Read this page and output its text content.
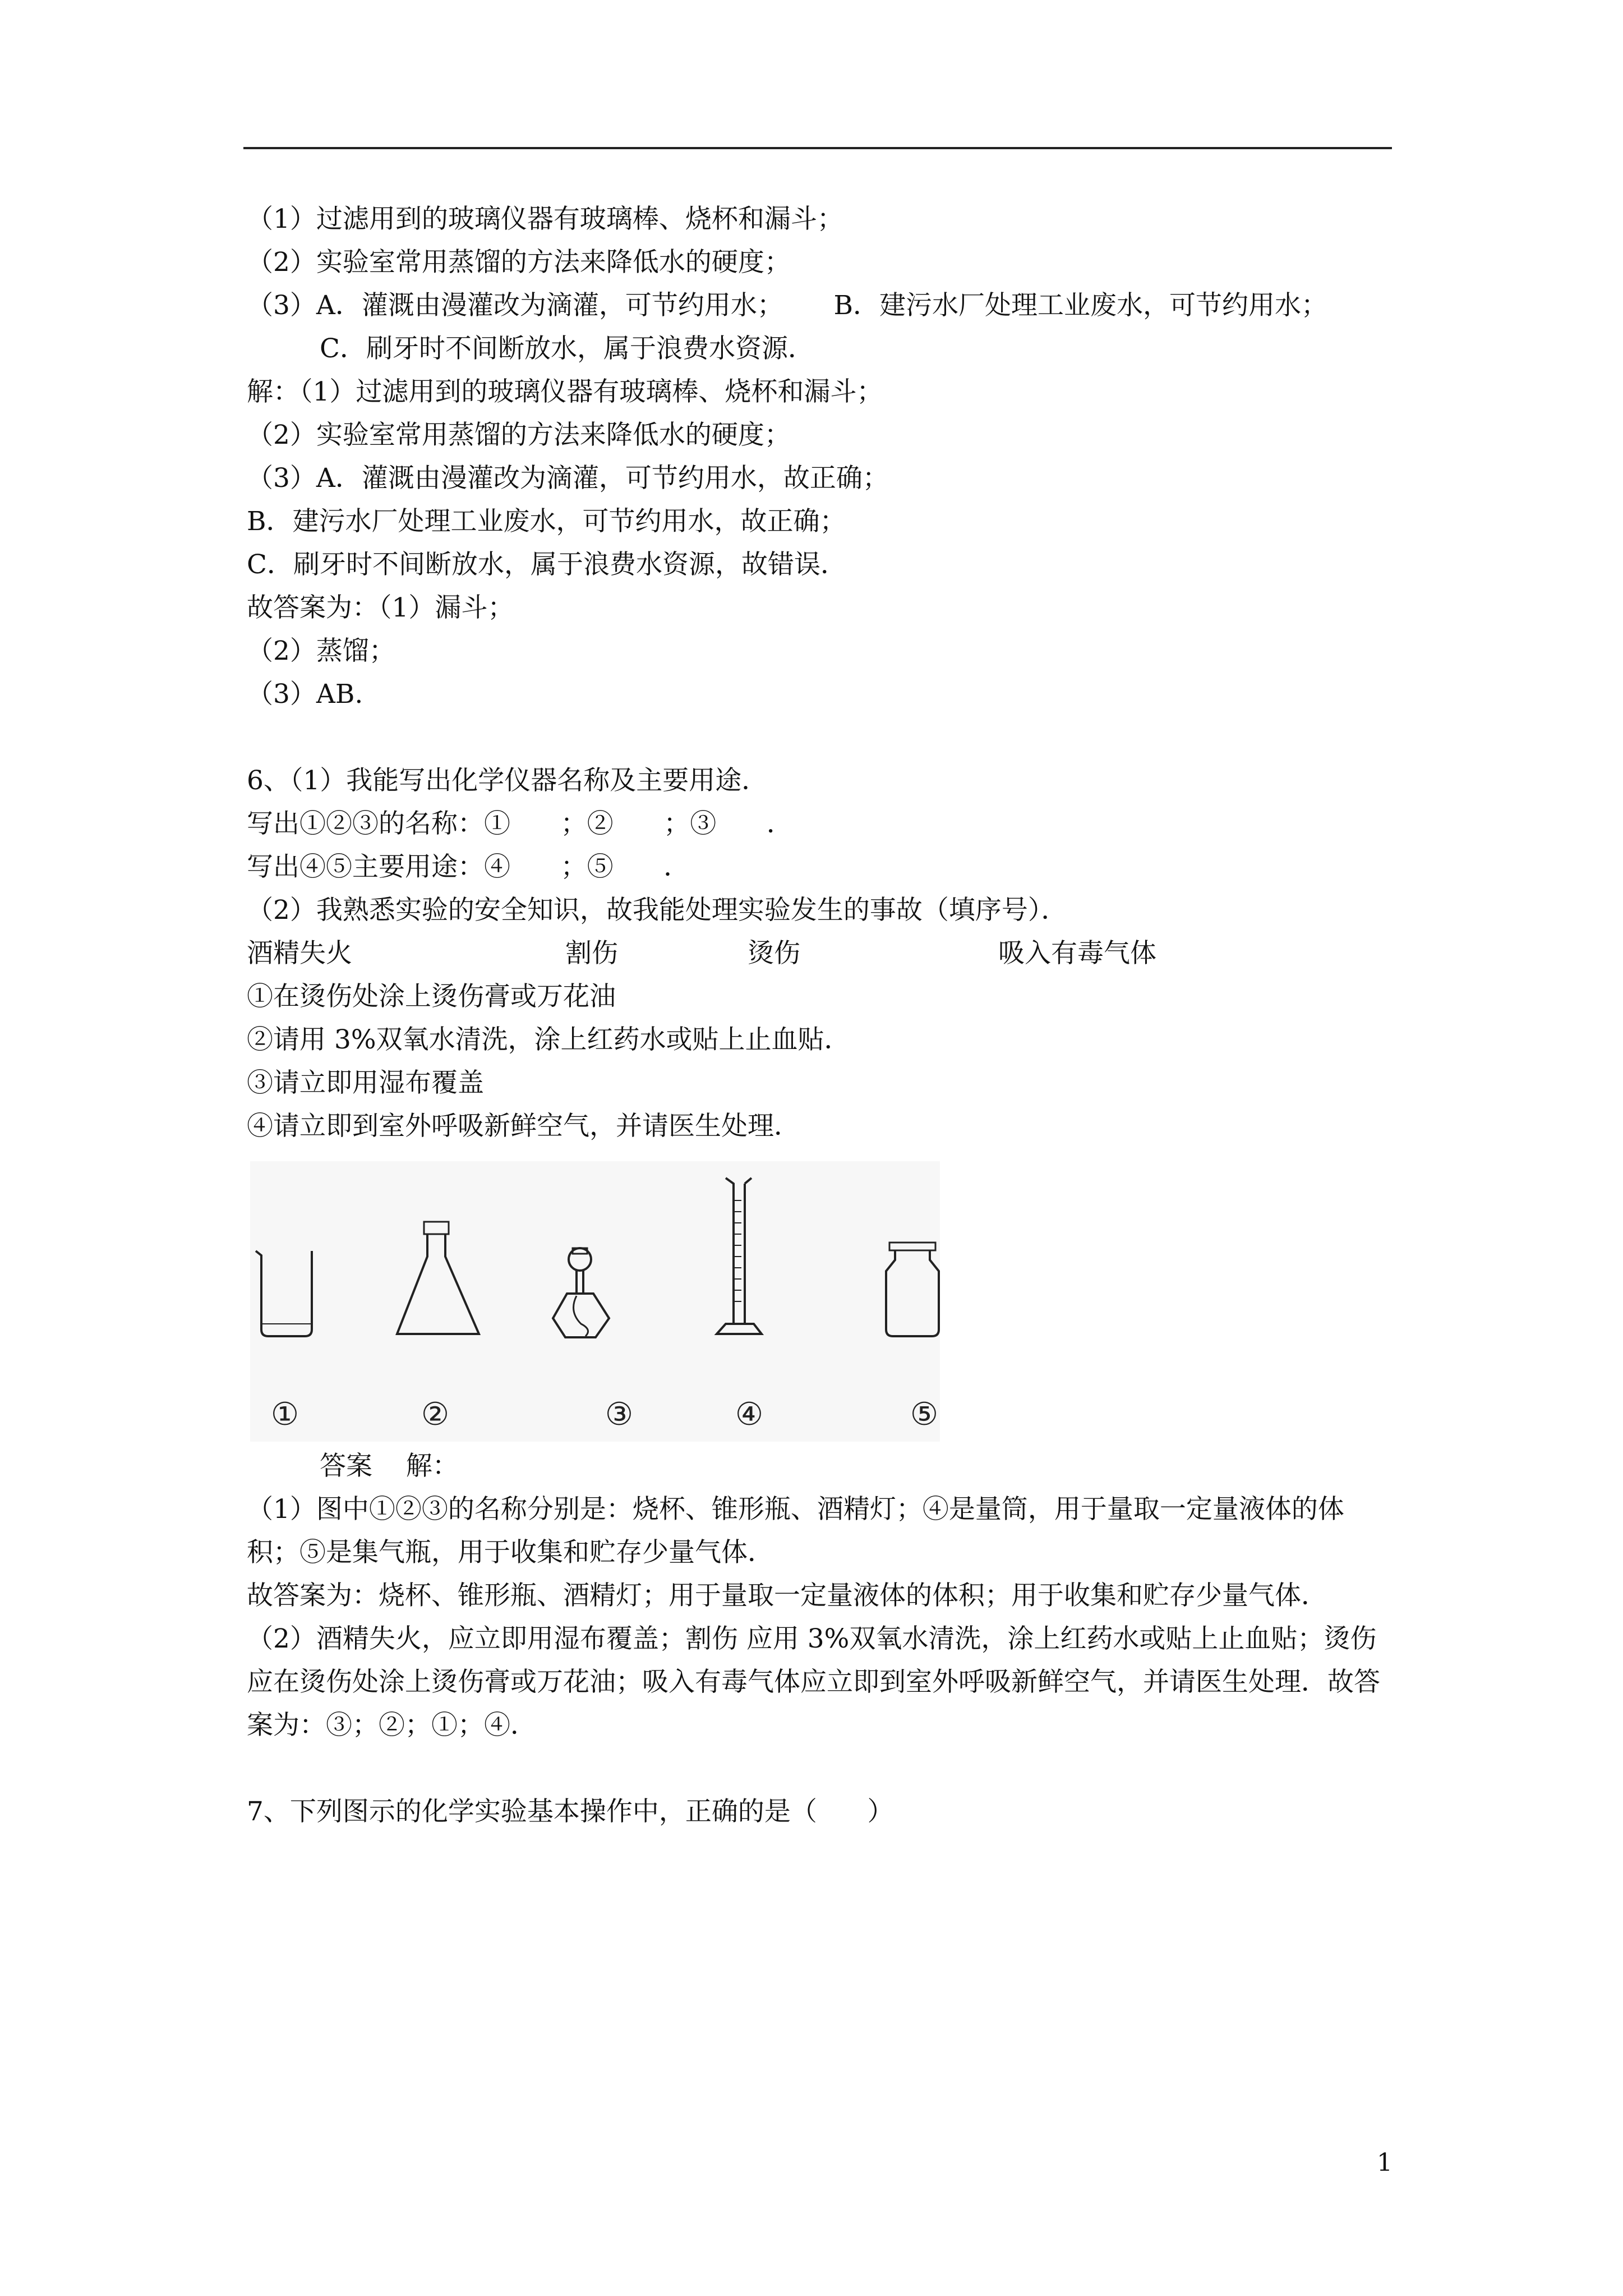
（1）过滤用到的玻璃仪器有玻璃棒、烧杯和漏斗；

（2）实验室常用蒸馏的方法来降低水的硬度；

（3）A．灌溉由漫灌改为滴灌，可节约用水；      B．建污水厂处理工业废水，可节约用水；

C．刷牙时不间断放水，属于浪费水资源．

解：（1）过滤用到的玻璃仪器有玻璃棒、烧杯和漏斗；

（2）实验室常用蒸馏的方法来降低水的硬度；

（3）A．灌溉由漫灌改为滴灌，可节约用水，故正确；

B．建污水厂处理工业废水，可节约用水，故正确；

C．刷牙时不间断放水，属于浪费水资源，故错误．

故答案为：（1）漏斗；

（2）蒸馏；

（3）AB.

6、（1）我能写出化学仪器名称及主要用途．

写出①②③的名称：①      ；②      ；③      ．

写出④⑤主要用途：④      ；⑤      ．

（2）我熟悉实验的安全知识，故我能处理实验发生的事故（填序号）．

酒精失火	割伤	烫伤	吸入有毒气体

①在烫伤处涂上烫伤膏或万花油

②请用 3%双氧水清洗，涂上红药水或贴上止血贴．

③请立即用湿布覆盖

④请立即到室外呼吸新鲜空气，并请医生处理．

①	②	③	④	⑤

答案    解：

（1）图中①②③的名称分别是：烧杯、锥形瓶、酒精灯；④是量筒，用于量取一定量液体的体积；⑤是集气瓶，用于收集和贮存少量气体．

故答案为：烧杯、锥形瓶、酒精灯；用于量取一定量液体的体积；用于收集和贮存少量气体．

（2）酒精失火，应立即用湿布覆盖；割伤 应用 3%双氧水清洗，涂上红药水或贴上止血贴；烫伤应在烫伤处涂上烫伤膏或万花油；吸入有毒气体应立即到室外呼吸新鲜空气，并请医生处理．故答案为：③；②；①；④．

7、下列图示的化学实验基本操作中，正确的是（      ）

1
